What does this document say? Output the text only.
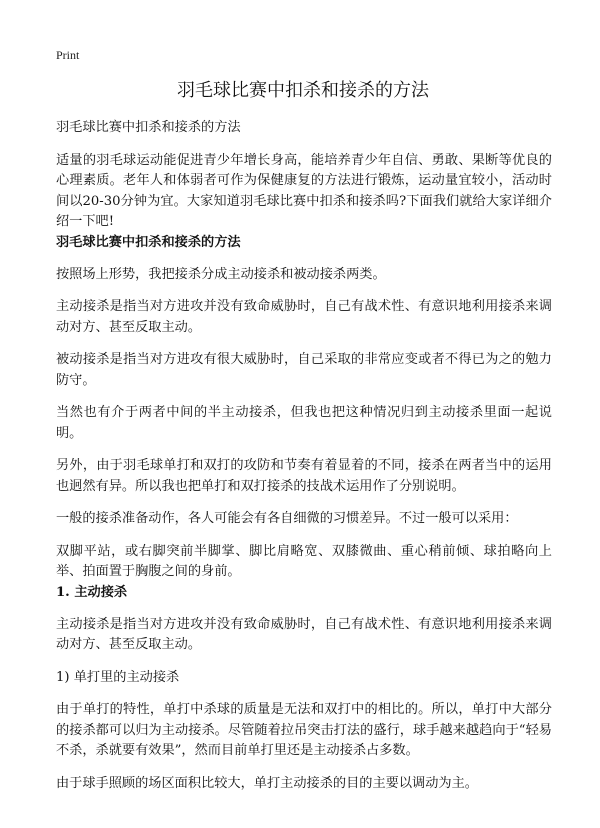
Print
羽毛球比赛中扣杀和接杀的方法

羽毛球比赛中扣杀和接杀的方法

适量的羽毛球运动能促进青少年增长身高，能培养青少年自信、勇敢、果断等优良的心理素质。老年人和体弱者可作为保健康复的方法进行锻炼，运动量宜较小，活动时间以20-30分钟为宜。大家知道羽毛球比赛中扣杀和接杀吗?下面我们就给大家详细介绍一下吧!

羽毛球比赛中扣杀和接杀的方法

按照场上形势，我把接杀分成主动接杀和被动接杀两类。

主动接杀是指当对方进攻并没有致命威胁时，自己有战术性、有意识地利用接杀来调动对方、甚至反取主动。

被动接杀是指当对方进攻有很大威胁时，自己采取的非常应变或者不得已为之的勉力防守。

当然也有介于两者中间的半主动接杀，但我也把这种情况归到主动接杀里面一起说明。

另外，由于羽毛球单打和双打的攻防和节奏有着显着的不同，接杀在两者当中的运用也迥然有异。所以我也把单打和双打接杀的技战术运用作了分别说明。

一般的接杀准备动作，各人可能会有各自细微的习惯差异。不过一般可以采用：

双脚平站，或右脚突前半脚掌、脚比肩略宽、双膝微曲、重心稍前倾、球拍略向上举、拍面置于胸腹之间的身前。

1. 主动接杀

主动接杀是指当对方进攻并没有致命威胁时，自己有战术性、有意识地利用接杀来调动对方、甚至反取主动。

1) 单打里的主动接杀

由于单打的特性，单打中杀球的质量是无法和双打中的相比的。所以，单打中大部分的接杀都可以归为主动接杀。尽管随着拉吊突击打法的盛行，球手越来越趋向于“轻易不杀，杀就要有效果”，然而目前单打里还是主动接杀占多数。

由于球手照顾的场区面积比较大，单打主动接杀的目的主要以调动为主。
